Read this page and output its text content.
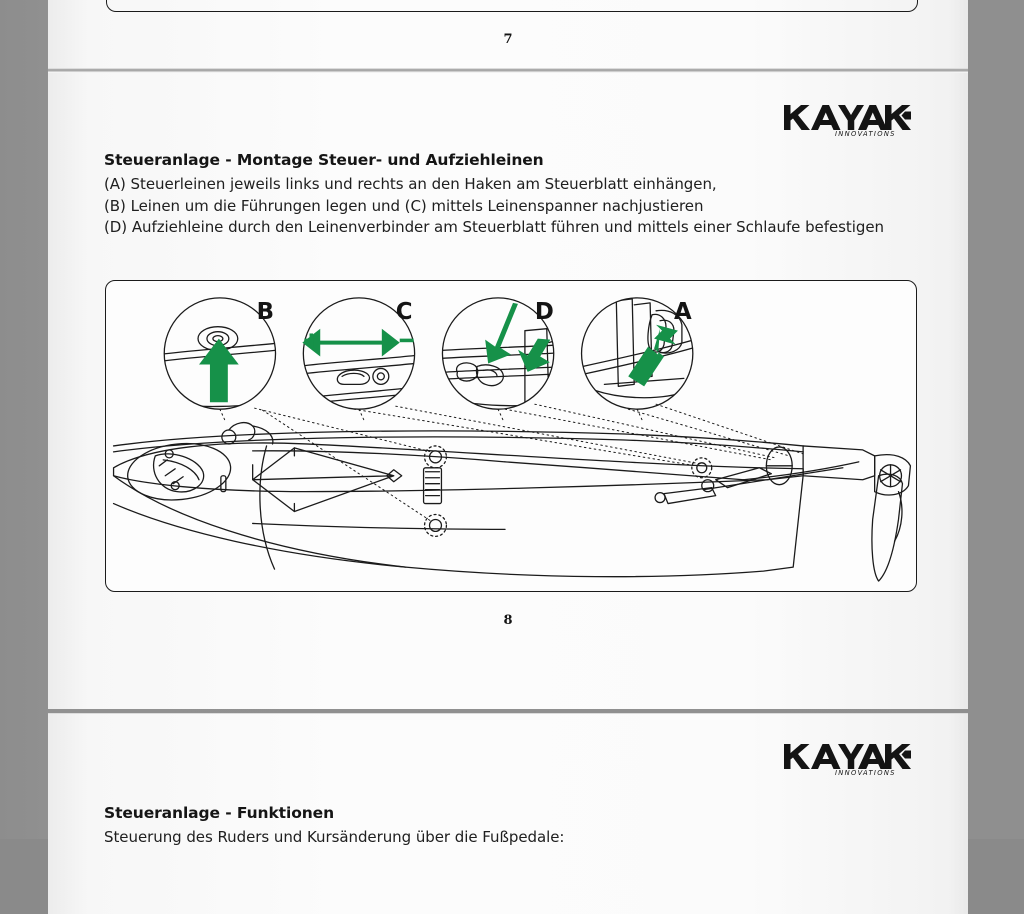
7
INNOVATIONS
Steueranlage - Montage Steuer- und Aufziehleinen
(A) Steuerleinen jeweils links und rechts an den Haken am Steuerblatt einhängen,
(B) Leinen um die Führungen legen und (C) mittels Leinenspanner nachjustieren
(D) Aufziehleine durch den Leinenverbinder am Steuerblatt führen und mittels einer Schlaufe befestigen
B	C	D	A
8
INNOVATIONS
Steueranlage - Funktionen
Steuerung des Ruders und Kursänderung über die Fußpedale:
